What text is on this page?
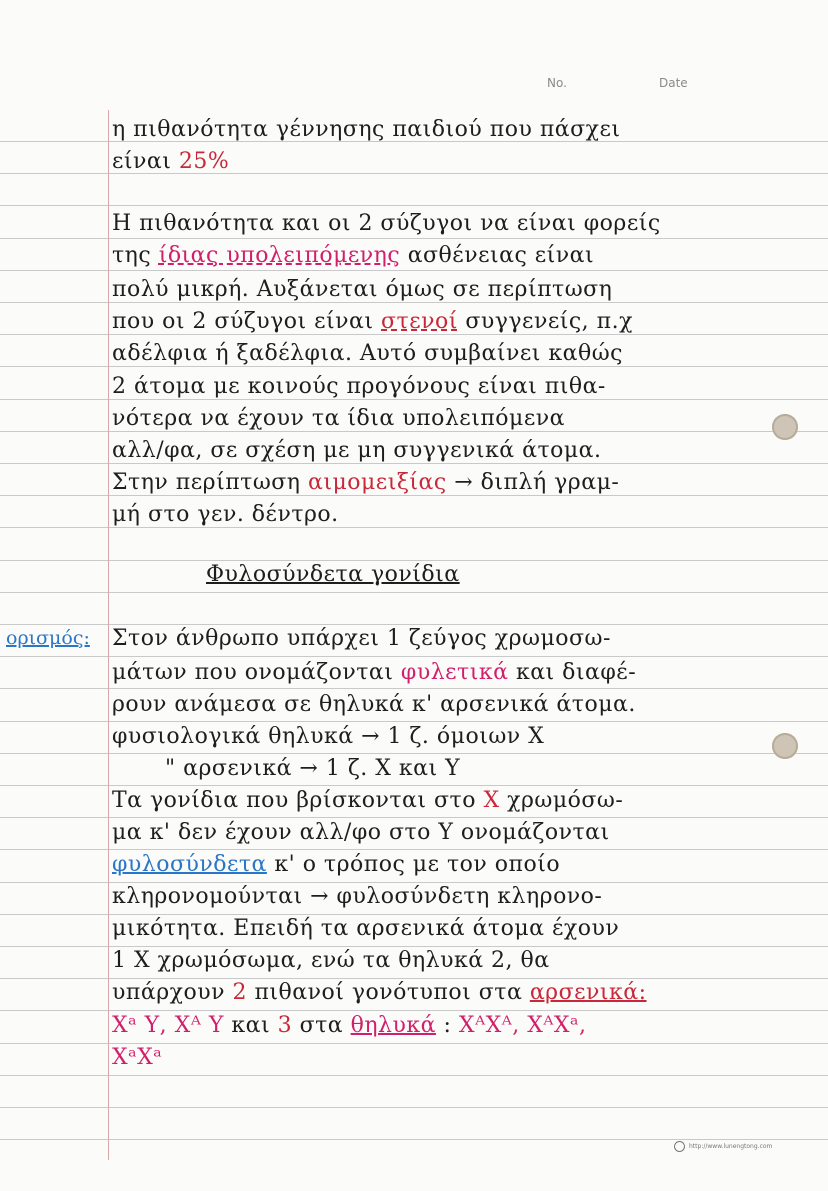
No.	Date
η πιθανότητα γέννησης παιδιού που πάσχει
είναι 25%
Η πιθανότητα και οι 2 σύζυγοι να είναι φορείς
της ίδιας υπολειπόμενης ασθένειας είναι
πολύ μικρή. Αυξάνεται όμως σε περίπτωση
που οι 2 σύζυγοι είναι στενοί συγγενείς, π.χ
αδέλφια ή ξαδέλφια. Αυτό συμβαίνει καθώς
2 άτομα με κοινούς προγόνους είναι πιθα-
νότερα να έχουν τα ίδια υπολειπόμενα
αλλ/φα, σε σχέση με μη συγγενικά άτομα.
Στην περίπτωση αιμομειξίας → διπλή γραμ-
μή στο γεν. δέντρο.
Φυλοσύνδετα γονίδια
ορισμός: Στον άνθρωπο υπάρχει 1 ζεύγος χρωμοσω-
μάτων που ονομάζονται φυλετικά και διαφέ-
ρουν ανάμεσα σε θηλυκά κ' αρσενικά άτομα.
φυσιολογικά θηλυκά → 1 ζ. όμοιων Χ
" αρσενικά → 1 ζ. Χ και Υ
Τα γονίδια που βρίσκονται στο Χ χρωμόσω-
μα κ' δεν έχουν αλλ/φο στο Υ ονομάζονται
φυλοσύνδετα κ' ο τρόπος με τον οποίο
κληρονομούνται → φυλοσύνδετη κληρονο-
μικότητα. Επειδή τα αρσενικά άτομα έχουν
1 Χ χρωμόσωμα, ενώ τα θηλυκά 2, θα
υπάρχουν 2 πιθανοί γονότυποι στα αρσενικά:
Χᵃ Υ, Χᴬ Υ και 3 στα θηλυκά : ΧᴬΧᴬ, ΧᴬΧᵃ,
ΧᵃΧᵃ
http://www.lunengtong.com
